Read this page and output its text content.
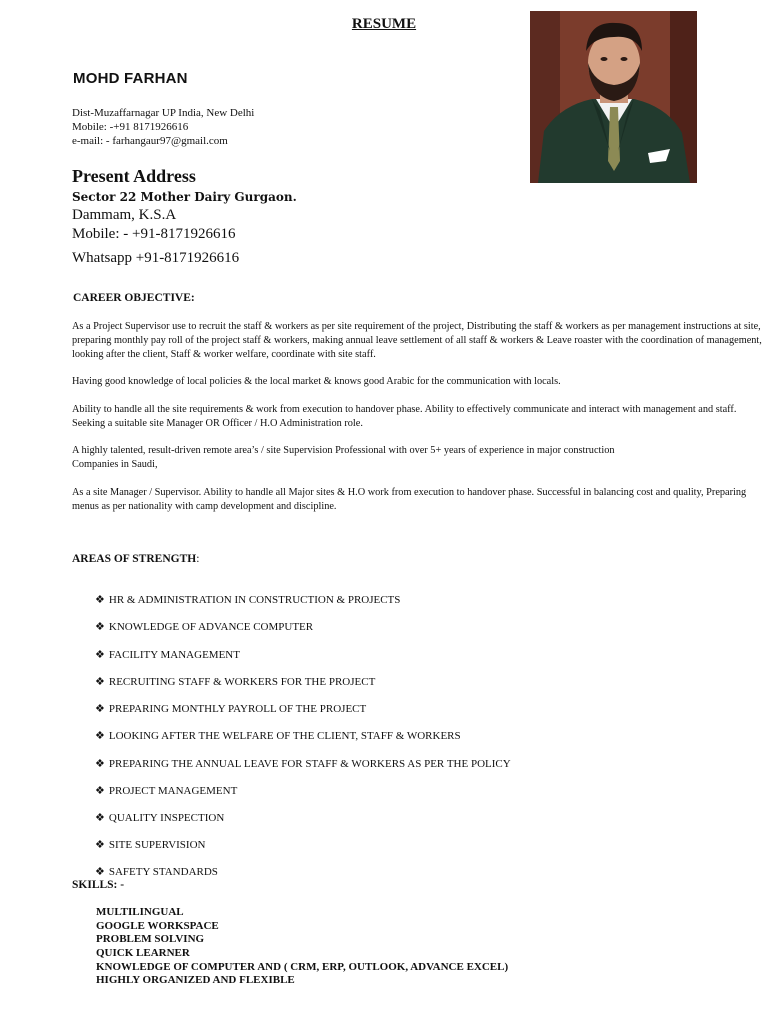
RESUME
MOHD FARHAN
Dist-Muzaffarnagar UP India, New Delhi
Mobile: -+91 8171926616
e-mail: - farhangaur97@gmail.com
Present Address
Sector 22 Mother Dairy Gurgaon.
Dammam, K.S.A
Mobile: - +91-8171926616
Whatsapp +91-8171926616
CAREER OBJECTIVE:

As a Project Supervisor use to recruit the staff & workers as per site requirement of the project, Distributing the staff & workers as per management instructions at site, preparing monthly pay roll of the project staff & workers, making annual leave settlement of all staff & workers & Leave roaster with the coordination of management, looking after the client, Staff & worker welfare, coordinate with site staff.

Having good knowledge of local policies & the local market & knows good Arabic for the communication with locals.

Ability to handle all the site requirements & work from execution to handover phase. Ability to effectively communicate and interact with management and staff. Seeking a suitable site Manager OR Officer / H.O Administration role.

A highly talented, result-driven remote area’s / site Supervision Professional with over 5+ years of experience in major construction

Companies in Saudi,

As a site Manager / Supervisor. Ability to handle all Major sites & H.O work from execution to handover phase. Successful in balancing cost and quality, Preparing menus as per nationality with camp development and discipline.

AREAS OF STRENGTH:
❖ HR & ADMINISTRATION IN CONSTRUCTION & PROJECTS
❖ KNOWLEDGE OF ADVANCE COMPUTER
❖ FACILITY MANAGEMENT
❖ RECRUITING STAFF & WORKERS FOR THE PROJECT
❖ PREPARING MONTHLY PAYROLL OF THE PROJECT
❖ LOOKING AFTER THE WELFARE OF THE CLIENT, STAFF & WORKERS
❖ PREPARING THE ANNUAL LEAVE FOR STAFF & WORKERS AS PER THE POLICY
❖ PROJECT MANAGEMENT
❖ QUALITY INSPECTION
❖ SITE SUPERVISION
❖ SAFETY STANDARDS
SKILLS: -
MULTILINGUAL
GOOGLE WORKSPACE
PROBLEM SOLVING
QUICK LEARNER
KNOWLEDGE OF COMPUTER AND ( CRM, ERP, OUTLOOK, ADVANCE EXCEL)
HIGHLY ORGANIZED AND FLEXIBLE
